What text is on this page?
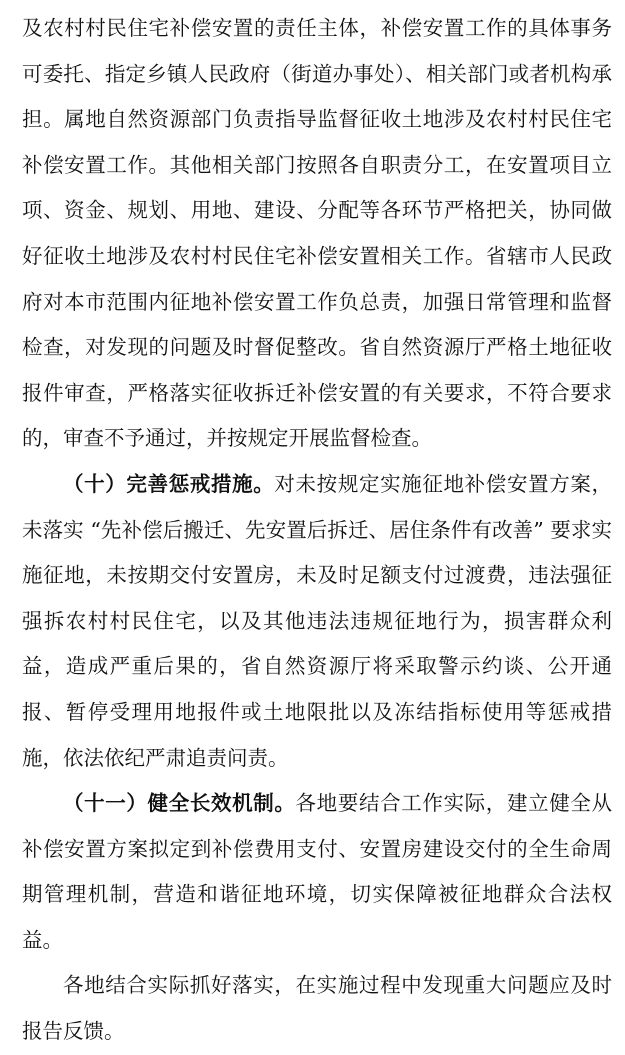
及农村村民住宅补偿安置的责任主体，补偿安置工作的具体事务可委托、指定乡镇人民政府（街道办事处）、相关部门或者机构承担。属地自然资源部门负责指导监督征收土地涉及农村村民住宅补偿安置工作。其他相关部门按照各自职责分工，在安置项目立项、资金、规划、用地、建设、分配等各环节严格把关，协同做好征收土地涉及农村村民住宅补偿安置相关工作。省辖市人民政府对本市范围内征地补偿安置工作负总责，加强日常管理和监督检查，对发现的问题及时督促整改。省自然资源厅严格土地征收报件审查，严格落实征收拆迁补偿安置的有关要求，不符合要求的，审查不予通过，并按规定开展监督检查。

（十）完善惩戒措施。对未按规定实施征地补偿安置方案，未落实 “先补偿后搬迁、先安置后拆迁、居住条件有改善” 要求实施征地，未按期交付安置房，未及时足额支付过渡费，违法强征强拆农村村民住宅，以及其他违法违规征地行为，损害群众利益，造成严重后果的，省自然资源厅将采取警示约谈、公开通报、暂停受理用地报件或土地限批以及冻结指标使用等惩戒措施，依法依纪严肃追责问责。

（十一）健全长效机制。各地要结合工作实际，建立健全从补偿安置方案拟定到补偿费用支付、安置房建设交付的全生命周期管理机制，营造和谐征地环境，切实保障被征地群众合法权益。

各地结合实际抓好落实，在实施过程中发现重大问题应及时报告反馈。
